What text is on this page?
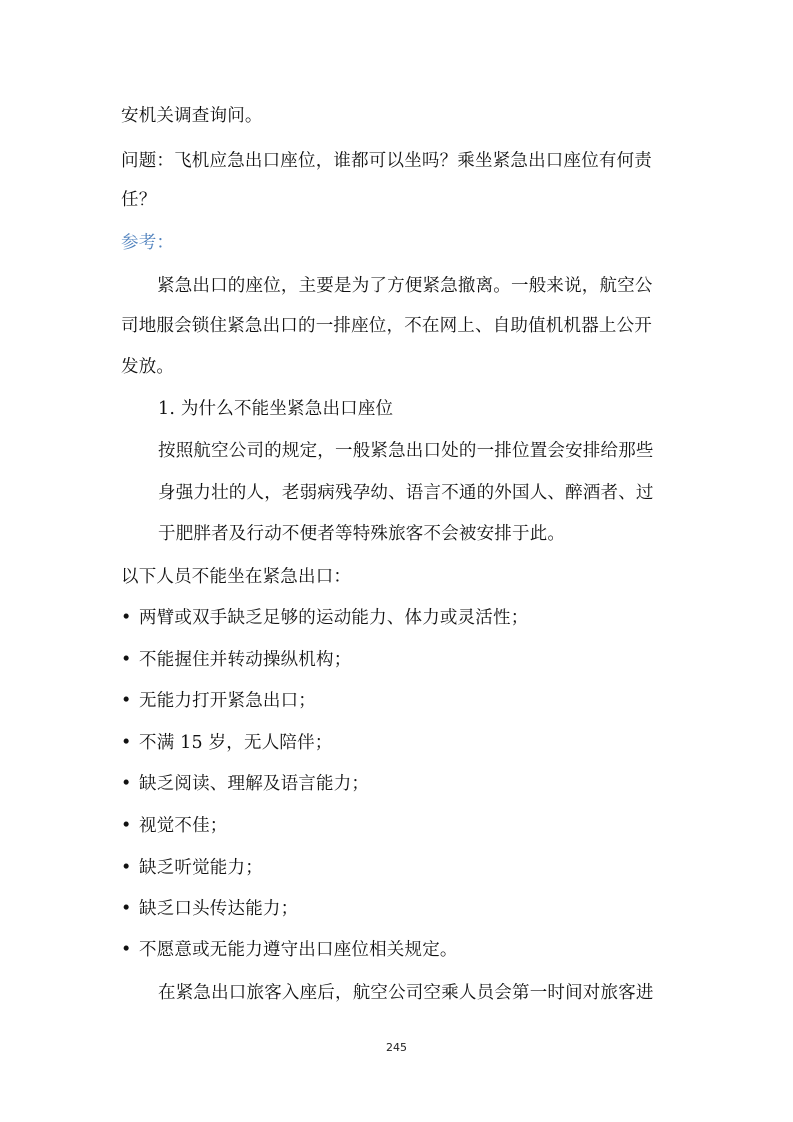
安机关调查询问。
问题：飞机应急出口座位，谁都可以坐吗？乘坐紧急出口座位有何责
任？
参考：
紧急出口的座位，主要是为了方便紧急撤离。一般来说，航空公
司地服会锁住紧急出口的一排座位，不在网上、自助值机机器上公开
发放。
1. 为什么不能坐紧急出口座位
按照航空公司的规定，一般紧急出口处的一排位置会安排给那些
身强力壮的人，老弱病残孕幼、语言不通的外国人、醉酒者、过
于肥胖者及行动不便者等特殊旅客不会被安排于此。
以下人员不能坐在紧急出口：
• 两臂或双手缺乏足够的运动能力、体力或灵活性；
• 不能握住并转动操纵机构；
• 无能力打开紧急出口；
• 不满 15 岁，无人陪伴；
• 缺乏阅读、理解及语言能力；
• 视觉不佳；
• 缺乏听觉能力；
• 缺乏口头传达能力；
• 不愿意或无能力遵守出口座位相关规定。
在紧急出口旅客入座后，航空公司空乘人员会第一时间对旅客进
245
